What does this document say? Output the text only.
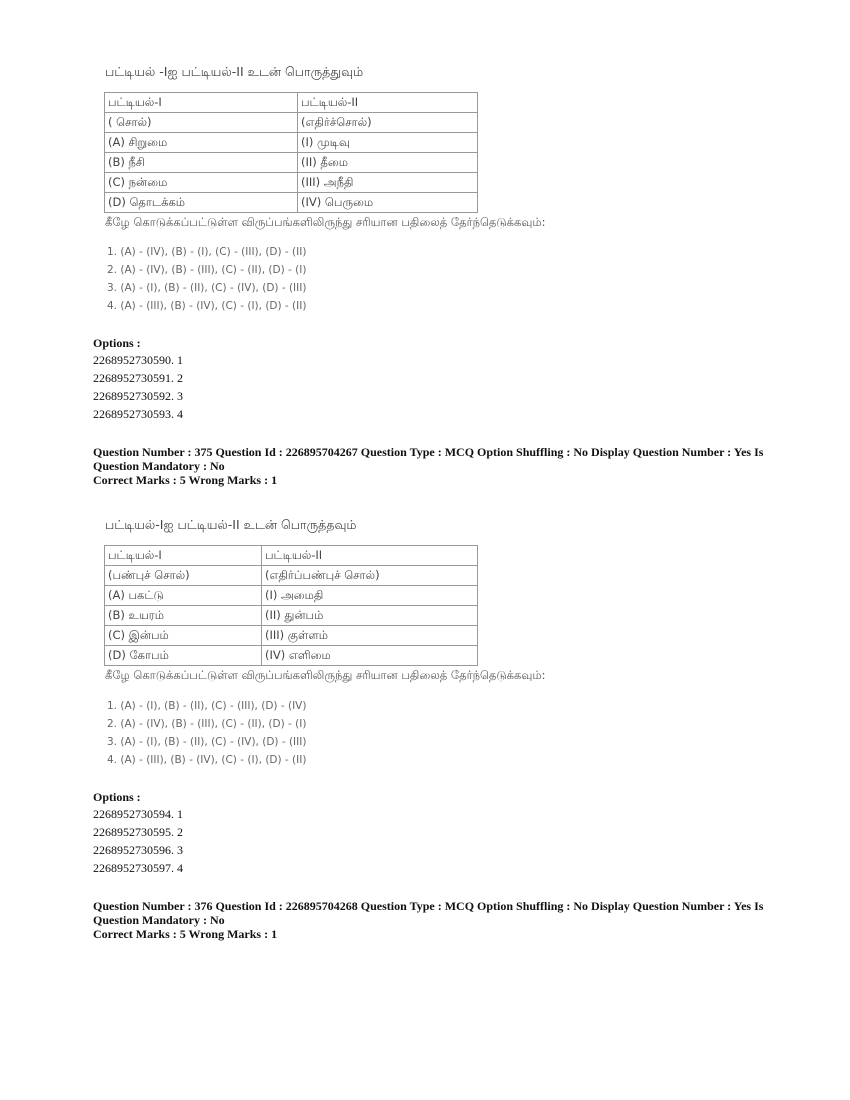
பட்டியல் -Iஐ பட்டியல்-II உடன் பொருத்துவும்
பட்டியல்-I	பட்டியல்-II
( சொல்)	(எதிர்ச்சொல்)
(A) சிறுமை	(I) முடிவு
(B) நீசி	(II) தீமை
(C) நன்மை	(III) அநீதி
(D) தொடக்கம்	(IV) பெருமை
கீழே கொடுக்கப்பட்டுள்ள விருப்பங்களிலிருந்து சரியான பதிலைத் தேர்ந்தெடுக்கவும்:
1. (A) - (IV), (B) - (I), (C) - (III), (D) - (II)
2. (A) - (IV), (B) - (III), (C) - (II), (D) - (I)
3. (A) - (I), (B) - (II), (C) - (IV), (D) - (III)
4. (A) - (III), (B) - (IV), (C) - (I), (D) - (II)
Options :
2268952730590. 1
2268952730591. 2
2268952730592. 3
2268952730593. 4
Question Number : 375 Question Id : 226895704267 Question Type : MCQ Option Shuffling : No Display Question Number : Yes Is Question Mandatory : No
Correct Marks : 5 Wrong Marks : 1
பட்டியல்-Iஐ பட்டியல்-II உடன் பொருத்தவும்
பட்டியல்-I	பட்டியல்-II
(பண்புச் சொல்)	(எதிர்ப்பண்புச் சொல்)
(A) பகட்டு	(I) அமைதி
(B) உயரம்	(II) துன்பம்
(C) இன்பம்	(III) குள்ளம்
(D) கோபம்	(IV) எளிமை
கீழே கொடுக்கப்பட்டுள்ள விருப்பங்களிலிருந்து சரியான பதிலைத் தேர்ந்தெடுக்கவும்:
1. (A) - (I), (B) - (II), (C) - (III), (D) - (IV)
2. (A) - (IV), (B) - (III), (C) - (II), (D) - (I)
3. (A) - (I), (B) - (II), (C) - (IV), (D) - (III)
4. (A) - (III), (B) - (IV), (C) - (I), (D) - (II)
Options :
2268952730594. 1
2268952730595. 2
2268952730596. 3
2268952730597. 4
Question Number : 376 Question Id : 226895704268 Question Type : MCQ Option Shuffling : No Display Question Number : Yes Is Question Mandatory : No
Correct Marks : 5 Wrong Marks : 1
